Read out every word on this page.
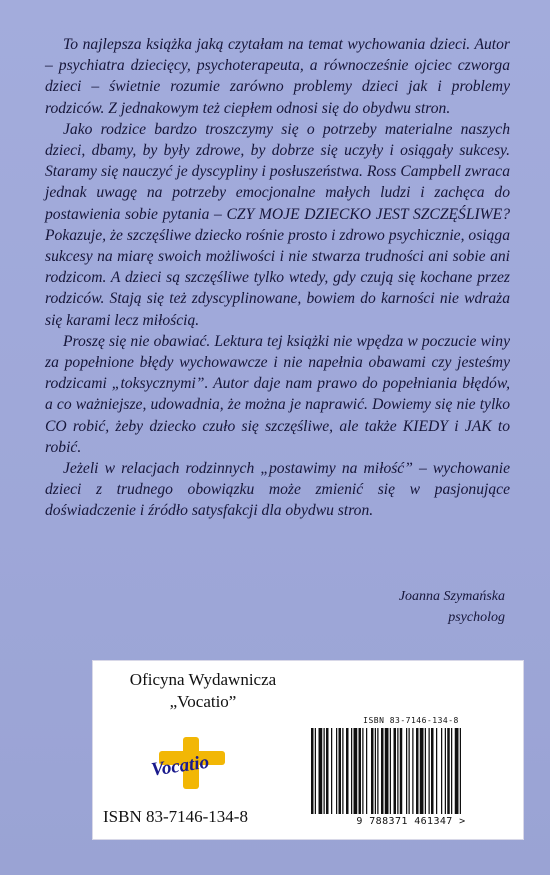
To najlepsza książka jaką czytałam na temat wychowania dzieci. Autor – psychiatra dziecięcy, psychoterapeuta, a równocześnie ojciec czworga dzieci – świetnie rozumie zarówno problemy dzieci jak i problemy rodziców. Z jednakowym też ciepłem odnosi się do obydwu stron.

Jako rodzice bardzo troszczymy się o potrzeby materialne naszych dzieci, dbamy, by były zdrowe, by dobrze się uczyły i osiągały sukcesy. Staramy się nauczyć je dyscypliny i posłuszeństwa. Ross Campbell zwraca jednak uwagę na potrzeby emocjonalne małych ludzi i zachęca do postawienia sobie pytania – CZY MOJE DZIECKO JEST SZCZĘŚLIWE? Pokazuje, że szczęśliwe dziecko rośnie prosto i zdrowo psychicznie, osiąga sukcesy na miarę swoich możliwości i nie stwarza trudności ani sobie ani rodzicom. A dzieci są szczęśliwe tylko wtedy, gdy czują się kochane przez rodziców. Stają się też zdyscyplinowane, bowiem do karności nie wdraża się karami lecz miłością.

Proszę się nie obawiać. Lektura tej książki nie wpędza w poczucie winy za popełnione błędy wychowawcze i nie napełnia obawami czy jesteśmy rodzicami „toksycznymi”. Autor daje nam prawo do popełniania błędów, a co ważniejsze, udowadnia, że można je naprawić. Dowiemy się nie tylko CO robić, żeby dziecko czuło się szczęśliwe, ale także KIEDY i JAK to robić.

Jeżeli w relacjach rodzinnych „postawimy na miłość” – wychowanie dzieci z trudnego obowiązku może zmienić się w pasjonujące doświadczenie i źródło satysfakcji dla obydwu stron.

Joanna Szymańska
psycholog
Oficyna Wydawnicza
„Vocatio”
Vocatio
ISBN 83-7146-134-8
ISBN 83-7146-134-8
9 788371 461347 >
